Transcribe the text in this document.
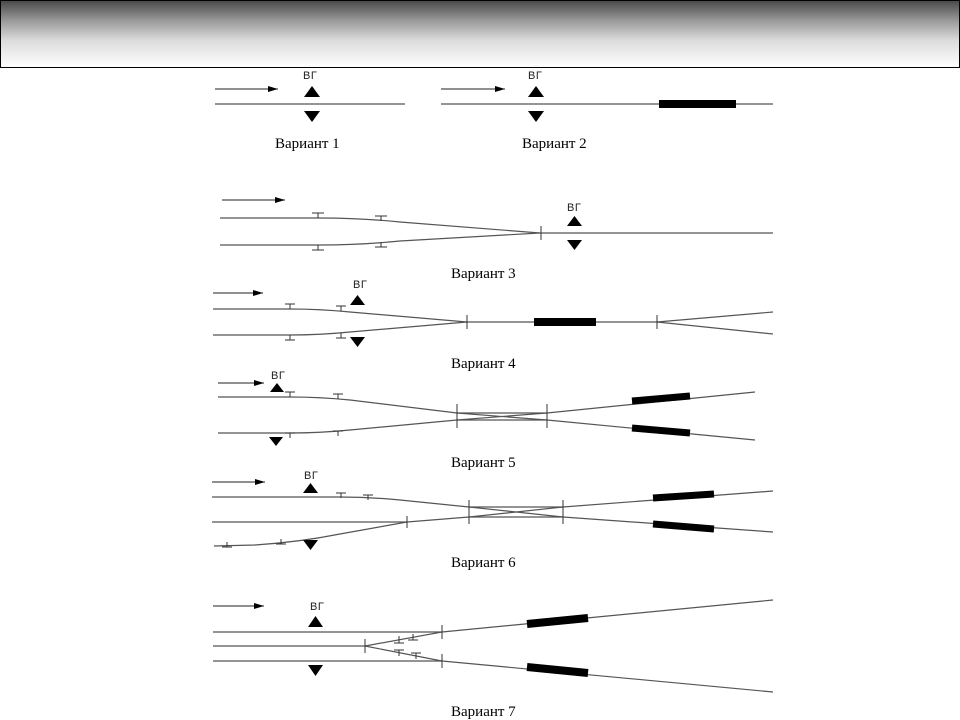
ВГ
Вариант 1
ВГ
Вариант 2
ВГ
Вариант 3
ВГ
Вариант 4
ВГ
Вариант 5
ВГ
Вариант 6
ВГ
Вариант 7
